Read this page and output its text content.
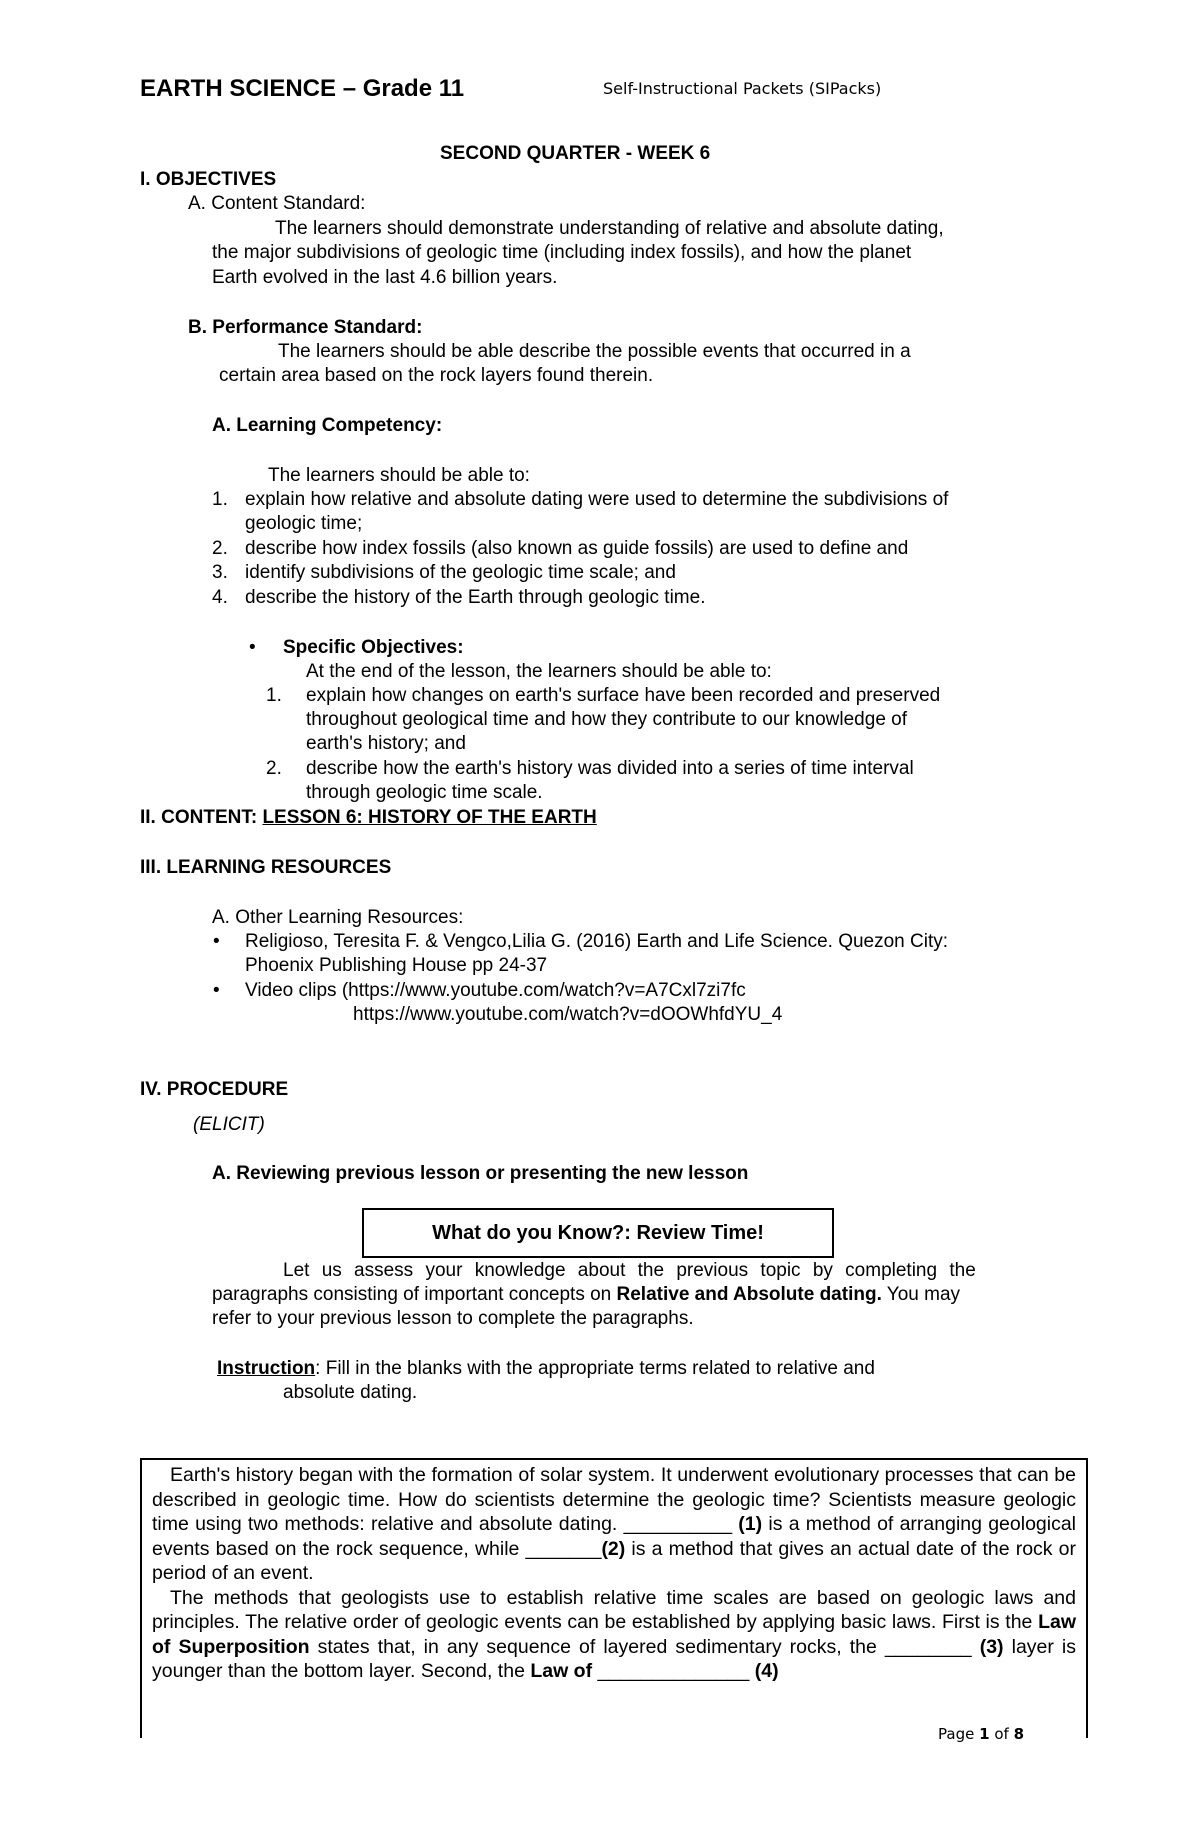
EARTH SCIENCE – Grade 11	Self-Instructional Packets (SIPacks)
SECOND QUARTER - WEEK 6
I. OBJECTIVES
A. Content Standard:
The learners should demonstrate understanding of relative and absolute dating,
the major subdivisions of geologic time (including index fossils), and how the planet
Earth evolved in the last 4.6 billion years.
B. Performance Standard:
The learners should be able describe the possible events that occurred in a
certain area based on the rock layers found therein.
A. Learning Competency:
The learners should be able to:
1. explain how relative and absolute dating were used to determine the subdivisions of
geologic time;
2. describe how index fossils (also known as guide fossils) are used to define and
3. identify subdivisions of the geologic time scale; and
4. describe the history of the Earth through geologic time.
•
Specific Objectives:
At the end of the lesson, the learners should be able to:
1. explain how changes on earth's surface have been recorded and preserved
throughout geological time and how they contribute to our knowledge of
earth's history; and
2. describe how the earth's history was divided into a series of time interval
through geologic time scale.
II. CONTENT: LESSON 6: HISTORY OF THE EARTH
III. LEARNING RESOURCES
A. Other Learning Resources:
•
Religioso, Teresita F. & Vengco,Lilia G. (2016) Earth and Life Science. Quezon City:
Phoenix Publishing House pp 24-37
•
Video clips (https://www.youtube.com/watch?v=A7Cxl7zi7fc
https://www.youtube.com/watch?v=dOOWhfdYU_4
IV. PROCEDURE
(ELICIT)
A. Reviewing previous lesson or presenting the new lesson
What do you Know?: Review Time!
Let us assess your knowledge about the previous topic by completing the
paragraphs consisting of important concepts on Relative and Absolute dating. You may
refer to your previous lesson to complete the paragraphs.
Instruction: Fill in the blanks with the appropriate terms related to relative and
absolute dating.

Earth's history began with the formation of solar system. It underwent evolutionary processes that can be described in geologic time. How do scientists determine the geologic time? Scientists measure geologic time using two methods: relative and absolute dating. __________ (1) is a method of arranging geological events based on the rock sequence, while _______(2) is a method that gives an actual date of the rock or period of an event.

The methods that geologists use to establish relative time scales are based on geologic laws and principles. The relative order of geologic events can be established by applying basic laws. First is the Law of Superposition states that, in any sequence of layered sedimentary rocks, the ________ (3) layer is younger than the bottom layer. Second, the Law of ______________ (4)

Page 1 of 8
